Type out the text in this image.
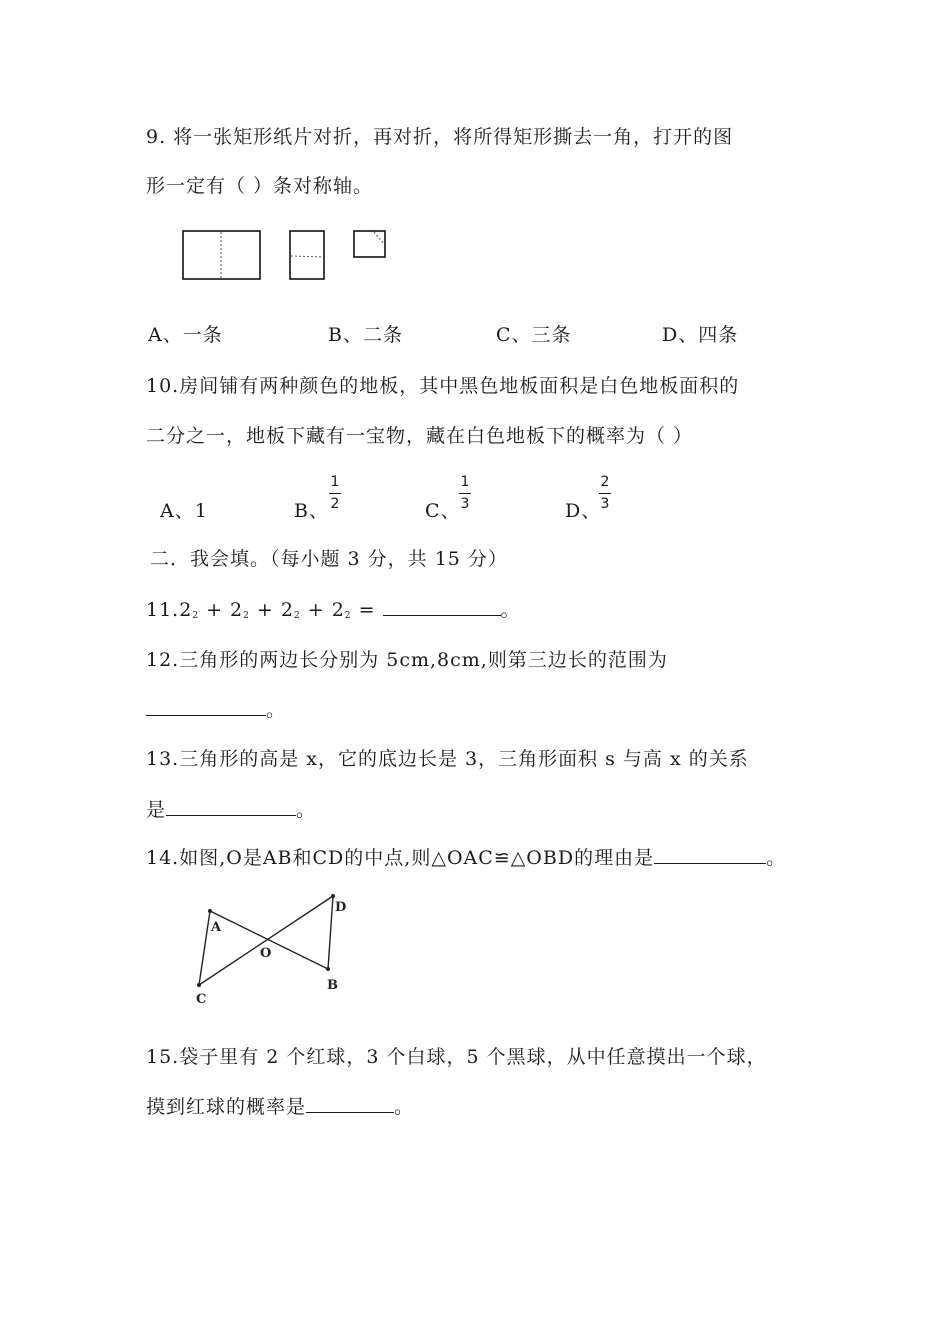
9. 将一张矩形纸片对折，再对折，将所得矩形撕去一角，打开的图
形一定有（ ）条对称轴。
A、一条	B、二条	C、三条	D、四条
10.房间铺有两种颜色的地板，其中黑色地板面积是白色地板面积的
二分之一，地板下藏有一宝物，藏在白色地板下的概率为（ ）
A、1	B、
1
2	C、
1
3	D、
2
3
二．我会填。（每小题 3 分，共 15 分）
$11.2_2 + 2_2 + 2_2 + 2_2$ =	。
12.三角形的两边长分别为 5cm,8cm,则第三边长的范围为
。
13.三角形的高是 x，它的底边长是 3，三角形面积 s 与高 x 的关系
是	。
14.如图,O是AB和CD的中点,则△OAC≌△OBD的理由是	。
A
O
C
D
B
15.袋子里有 2 个红球，3 个白球，5 个黑球，从中任意摸出一个球，
摸到红球的概率是	。
